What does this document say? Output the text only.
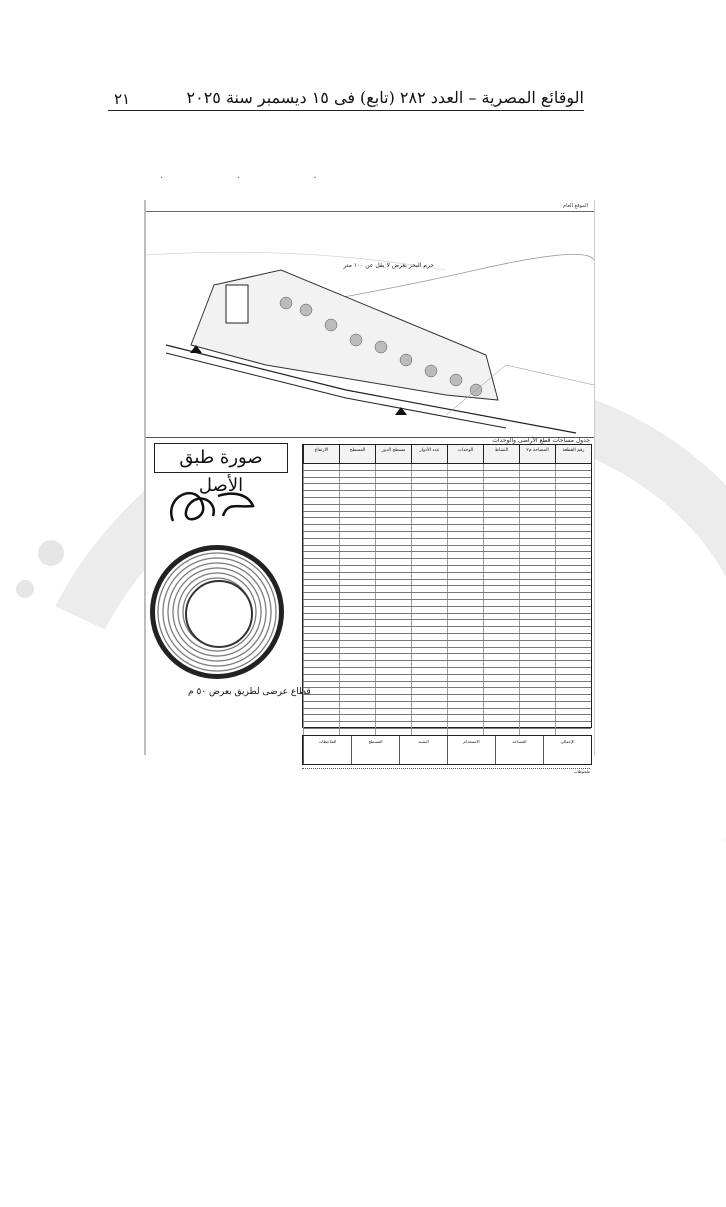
الوقائع المصرية – العدد ٢٨٢ (تابع) فى ١٥ ديسمبر سنة ٢٠٢٥
٢١
.   .   .
الموقع العام
حرم البحر بعرض لا يقل عن ١٠٠ متر
صورة طبق الأصل
قطاع عرضى لطريق بعرض ٥٠ م
جدول مساحات قطع الأراضى والوحدات
رقم القطعة
المساحة م٢
النشاط
الوحدات
عدد الأدوار
مسطح الدور
المسطح
الارتفاع
الإجمالى
المساحة
الاستخدام
النسبة
المسطح
الملاحظات
ملحوظات
